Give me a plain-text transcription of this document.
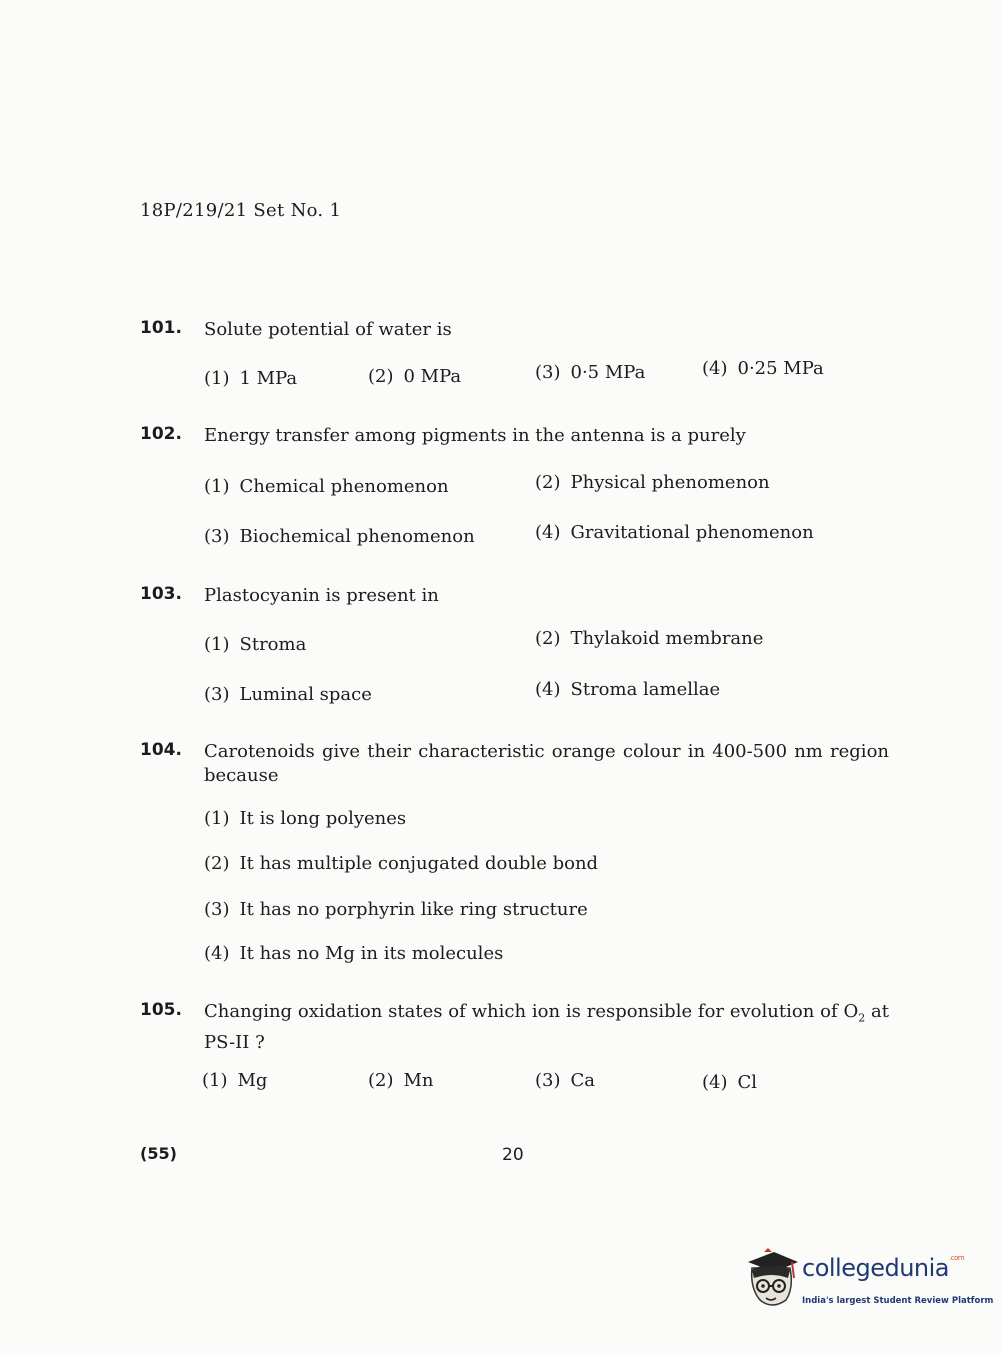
18P/219/21 Set No. 1
101. Solute potential of water is
(1) 1 MPa	(2) 0 MPa	(3) 0·5 MPa	(4) 0·25 MPa
102. Energy transfer among pigments in the antenna is a purely
(1) Chemical phenomenon	(2) Physical phenomenon
(3) Biochemical phenomenon	(4) Gravitational phenomenon
103. Plastocyanin is present in
(1) Stroma	(2) Thylakoid membrane
(3) Luminal space	(4) Stroma lamellae
104. Carotenoids give their characteristic orange colour in 400-500 nm region because
(1) It is long polyenes
(2) It has multiple conjugated double bond
(3) It has no porphyrin like ring structure
(4) It has no Mg in its molecules
105. Changing oxidation states of which ion is responsible for evolution of $O_2$ at PS-II ?
(1) Mg	(2) Mn	(3) Ca	(4) Cl
(55)	20
collegedunia$^{.com}$
India's largest Student Review Platform
